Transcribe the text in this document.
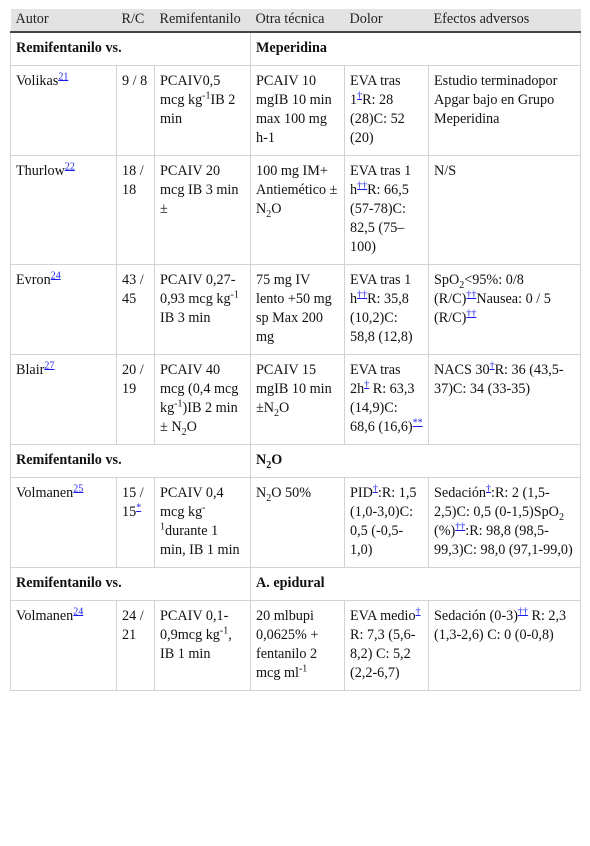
Autor	R/C	Remifentanilo	Otra técnica	Dolor	Efectos adversos
Remifentanilo vs.			Meperidina		
Volikas$^{21}$	9 / 8	PCAIV0,5 mcg $kg^{-1}IB$ 2 min	PCAIV 10 mgIB 10 min max 100 mg h-1	EVA tras 1†R: 28 (28)C: 52 (20)	Estudio terminadopor Apgar bajo en Grupo Meperidina
Thurlow$^{22}$	18 / 18	PCAIV 20 mcg IB 3 min ±	100 mg IM+ Antiemético ± $N_2O$	EVA tras 1 h††R: 66,5 (57-78)C: 82,5 (75–100)	N/S
Evron$^{24}$	43 / 45	PCAIV 0,27-0,93 mcg $kg^{-1}$ IB 3 min	75 mg IV lento +50 mg sp Max 200 mg	EVA tras 1 h††R: 35,8 (10,2)C: 58,8 (12,8)	SpO$_2$<95%: 0/8 (R/C)††Nausea: 0 / 5 (R/C)††
Blair$^{27}$	20 / 19	PCAIV 40 mcg (0,4 mcg $kg^{-1})IB$ 2 $\min \pm N_2O$	PCAIV 15 mgIB 10 $\min \pm N_2O$	EVA tras 2h† R: 63,3 (14,9)C: 68,6 (16,6)**	NACS 30†R: 36 (43,5-37)C: 34 (33-35)
Remifentanilo vs.			$N_2O$		
Volmanen$^{25}$	15 / 15*	PCAIV 0,4 mcg $kg^{-1}durante$ 1 min, IB 1 min	$N_2O$ 50%	PID†:R: 1,5 (1,0-3,0)C: 0,5 (-0,5-1,0)	Sedación†:R: 2 (1,5-2,5)C: 0,5 (0-1,5)SpO$_2$ (%)††:R: 98,8 (98,5-99,3)C: 98,0 (97,1-99,0)
Remifentanilo vs.			A. epidural		
Volmanen$^{24}$	24 / 21	PCAIV 0,1-0,9mcg $kg^{-1}$, IB 1 min	20 mlbupi 0,0625% + fentanilo 2 mcg $ml^{-1}$	EVA medio† R: 7,3 (5,6-8,2) C: 5,2 (2,2-6,7)	Sedación (0-3)†† R: 2,3 (1,3-2,6) C: 0 (0-0,8)
